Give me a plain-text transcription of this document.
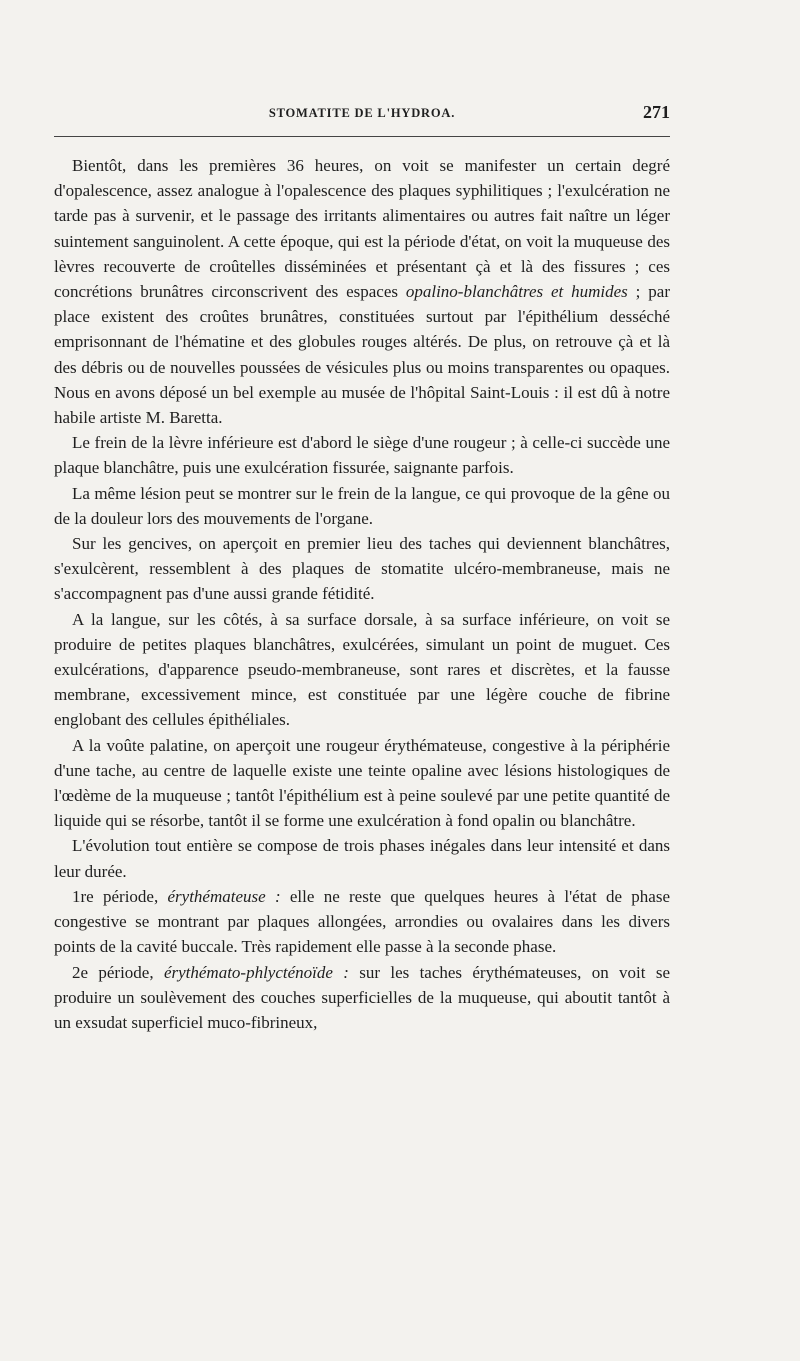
STOMATITE DE L'HYDROA.	271

Bientôt, dans les premières 36 heures, on voit se manifester un certain degré d'opalescence, assez analogue à l'opalescence des plaques syphilitiques ; l'exulcération ne tarde pas à survenir, et le passage des irritants alimentaires ou autres fait naître un léger suintement sanguinolent. A cette époque, qui est la période d'état, on voit la muqueuse des lèvres recouverte de croûtelles disséminées et présentant çà et là des fissures ; ces concrétions brunâtres circonscrivent des espaces opalino-blanchâtres et humides ; par place existent des croûtes brunâtres, constituées surtout par l'épithélium desséché emprisonnant de l'hématine et des globules rouges altérés. De plus, on retrouve çà et là des débris ou de nouvelles poussées de vésicules plus ou moins transparentes ou opaques. Nous en avons déposé un bel exemple au musée de l'hôpital Saint-Louis : il est dû à notre habile artiste M. Baretta.

Le frein de la lèvre inférieure est d'abord le siège d'une rougeur ; à celle-ci succède une plaque blanchâtre, puis une exulcération fissurée, saignante parfois.

La même lésion peut se montrer sur le frein de la langue, ce qui provoque de la gêne ou de la douleur lors des mouvements de l'organe.

Sur les gencives, on aperçoit en premier lieu des taches qui deviennent blanchâtres, s'exulcèrent, ressemblent à des plaques de stomatite ulcéro-membraneuse, mais ne s'accompagnent pas d'une aussi grande fétidité.

A la langue, sur les côtés, à sa surface dorsale, à sa surface inférieure, on voit se produire de petites plaques blanchâtres, exulcérées, simulant un point de muguet. Ces exulcérations, d'apparence pseudo-membraneuse, sont rares et discrètes, et la fausse membrane, excessivement mince, est constituée par une légère couche de fibrine englobant des cellules épithéliales.

A la voûte palatine, on aperçoit une rougeur érythémateuse, congestive à la périphérie d'une tache, au centre de laquelle existe une teinte opaline avec lésions histologiques de l'œdème de la muqueuse ; tantôt l'épithélium est à peine soulevé par une petite quantité de liquide qui se résorbe, tantôt il se forme une exulcération à fond opalin ou blanchâtre.

L'évolution tout entière se compose de trois phases inégales dans leur intensité et dans leur durée.

1re période, érythémateuse : elle ne reste que quelques heures à l'état de phase congestive se montrant par plaques allongées, arrondies ou ovalaires dans les divers points de la cavité buccale. Très rapidement elle passe à la seconde phase.

2e période, érythémato-phlycténoïde : sur les taches érythémateuses, on voit se produire un soulèvement des couches superficielles de la muqueuse, qui aboutit tantôt à un exsudat superficiel muco-fibrineux,
